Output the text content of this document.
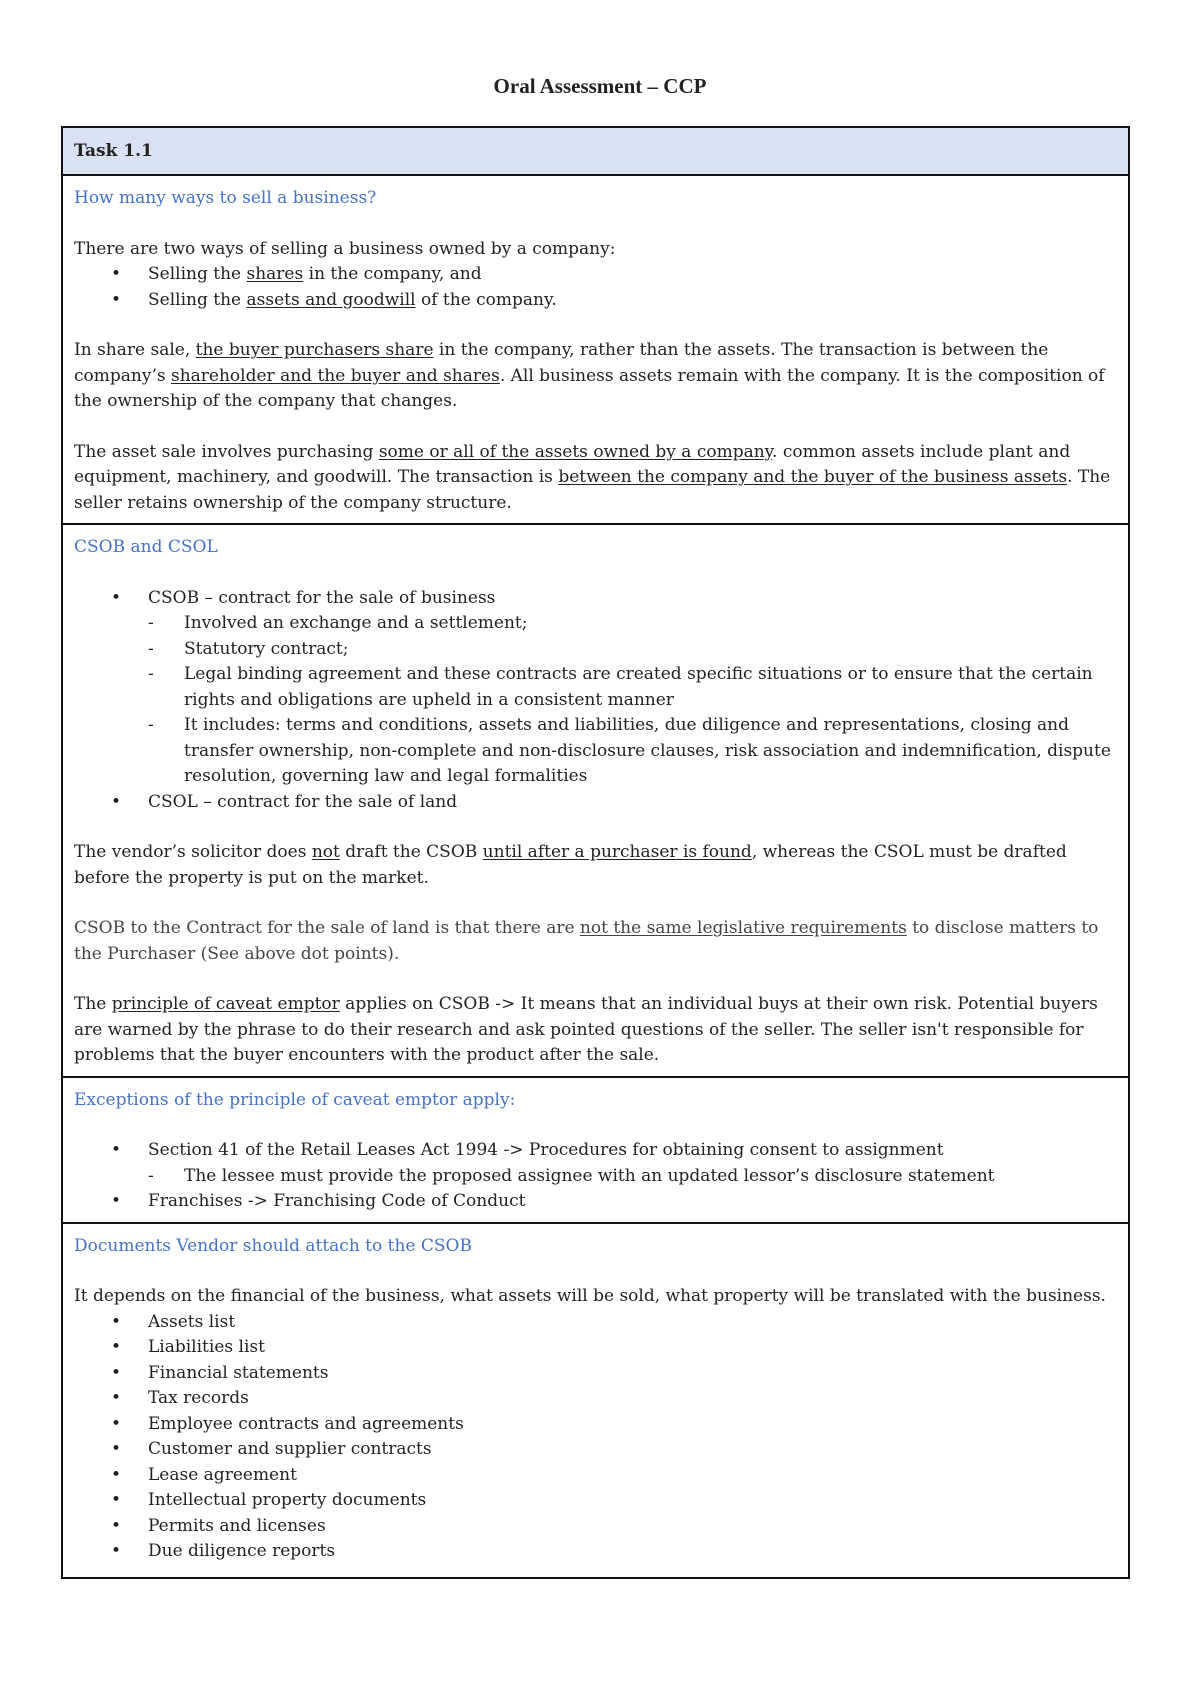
Oral Assessment – CCP
Task 1.1
How many ways to sell a business?

There are two ways of selling a business owned by a company:

• Selling the shares in the company, and
• Selling the assets and goodwill of the company.

In share sale, the buyer purchasers share in the company, rather than the assets. The transaction is between the company’s shareholder and the buyer and shares. All business assets remain with the company. It is the composition of the ownership of the company that changes.

The asset sale involves purchasing some or all of the assets owned by a company. common assets include plant and equipment, machinery, and goodwill. The transaction is between the company and the buyer of the business assets. The seller retains ownership of the company structure.

CSOB and CSOL
• CSOB – contract for the sale of business
- Involved an exchange and a settlement;
- Statutory contract;
- Legal binding agreement and these contracts are created specific situations or to ensure that the certain rights and obligations are upheld in a consistent manner
- It includes: terms and conditions, assets and liabilities, due diligence and representations, closing and transfer ownership, non-complete and non-disclosure clauses, risk association and indemnification, dispute resolution, governing law and legal formalities
• CSOL – contract for the sale of land

The vendor’s solicitor does not draft the CSOB until after a purchaser is found, whereas the CSOL must be drafted before the property is put on the market.

CSOB to the Contract for the sale of land is that there are not the same legislative requirements to disclose matters to the Purchaser (See above dot points).

The principle of caveat emptor applies on CSOB -> It means that an individual buys at their own risk. Potential buyers are warned by the phrase to do their research and ask pointed questions of the seller. The seller isn't responsible for problems that the buyer encounters with the product after the sale.

Exceptions of the principle of caveat emptor apply:
• Section 41 of the Retail Leases Act 1994 -> Procedures for obtaining consent to assignment
- The lessee must provide the proposed assignee with an updated lessor’s disclosure statement
• Franchises -> Franchising Code of Conduct
Documents Vendor should attach to the CSOB

It depends on the financial of the business, what assets will be sold, what property will be translated with the business.

• Assets list
• Liabilities list
• Financial statements
• Tax records
• Employee contracts and agreements
• Customer and supplier contracts
• Lease agreement
• Intellectual property documents
• Permits and licenses
• Due diligence reports
